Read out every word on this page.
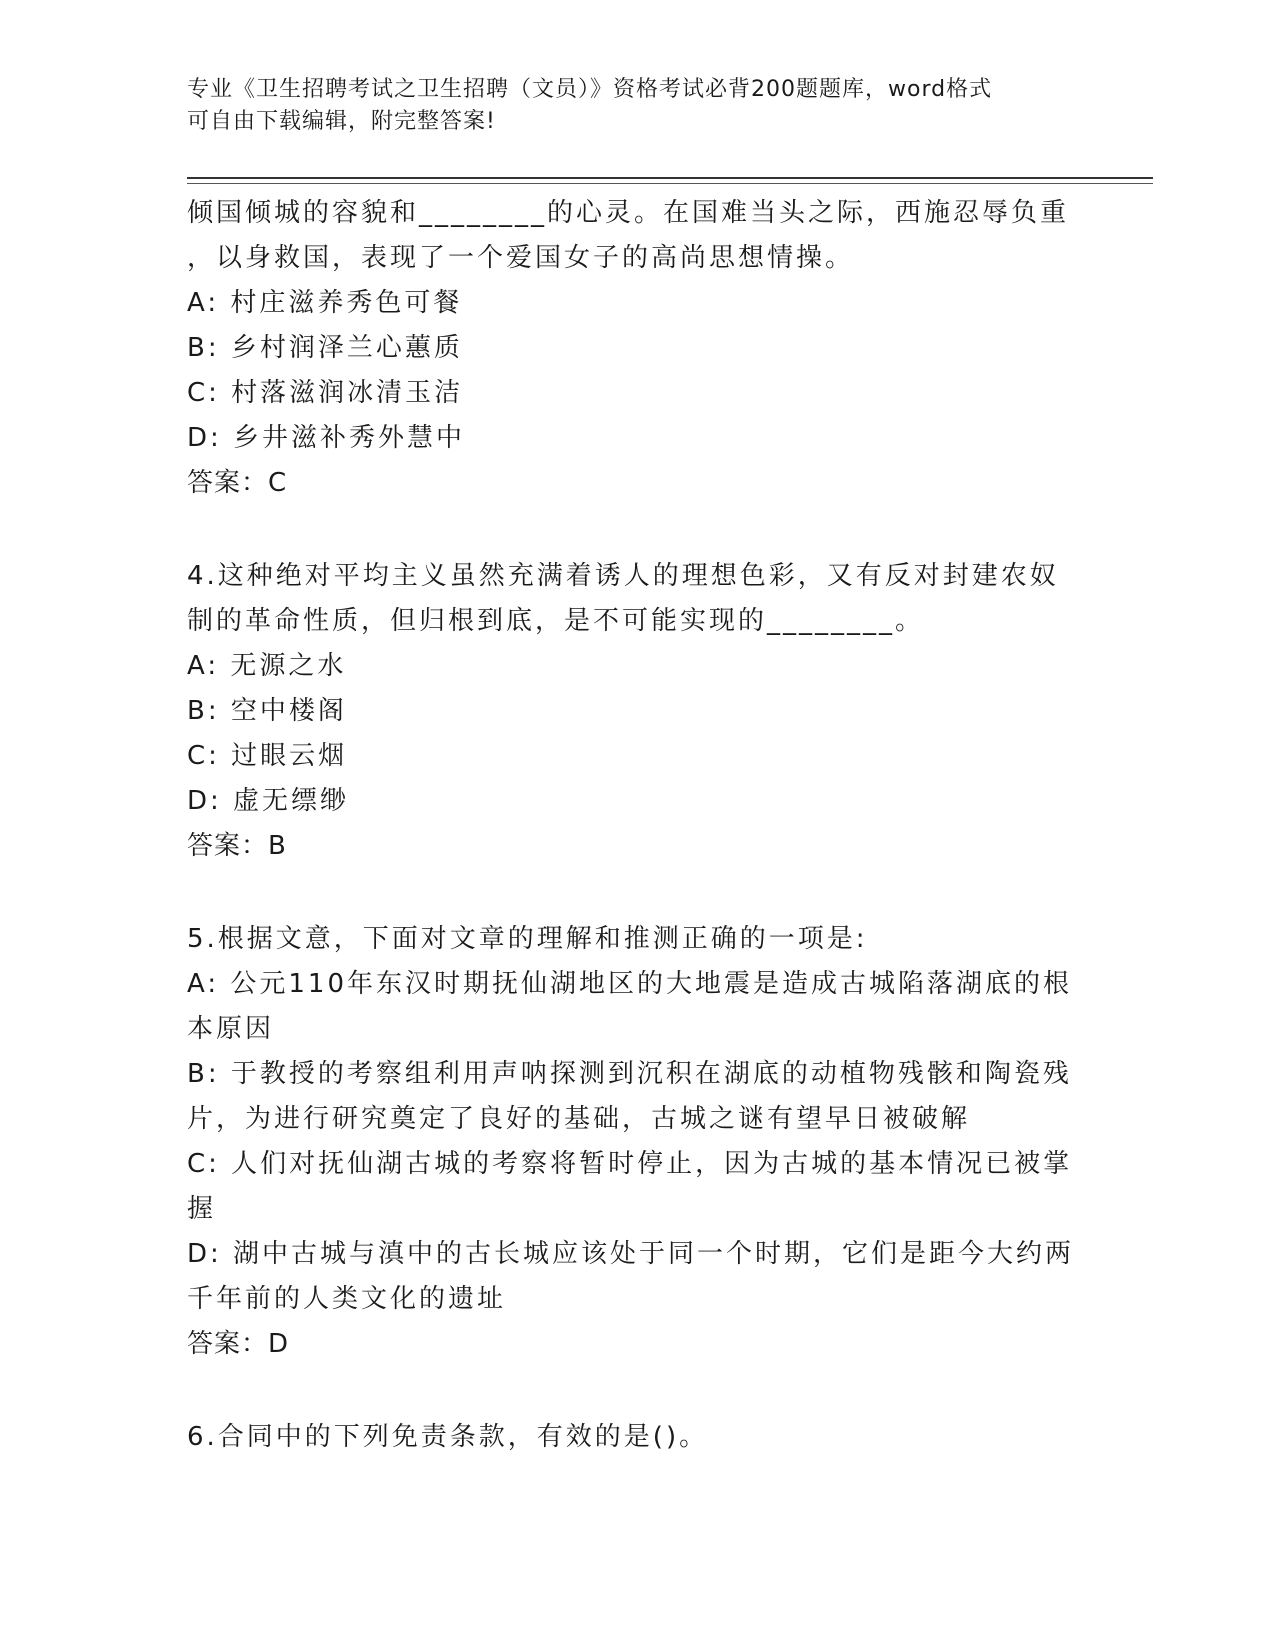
专业《卫生招聘考试之卫生招聘（文员）》资格考试必背200题题库，word格式
可自由下载编辑，附完整答案!
倾国倾城的容貌和________的心灵。在国难当头之际，西施忍辱负重
，以身救国，表现了一个爱国女子的高尚思想情操。
A: 村庄滋养秀色可餐
B: 乡村润泽兰心蕙质
C: 村落滋润冰清玉洁
D: 乡井滋补秀外慧中
答案：C
4.这种绝对平均主义虽然充满着诱人的理想色彩，又有反对封建农奴
制的革命性质，但归根到底，是不可能实现的________。
A: 无源之水
B: 空中楼阁
C: 过眼云烟
D: 虚无缥缈
答案：B
5.根据文意，下面对文章的理解和推测正确的一项是:
A: 公元110年东汉时期抚仙湖地区的大地震是造成古城陷落湖底的根
本原因
B: 于教授的考察组利用声呐探测到沉积在湖底的动植物残骸和陶瓷残
片，为进行研究奠定了良好的基础，古城之谜有望早日被破解
C: 人们对抚仙湖古城的考察将暂时停止，因为古城的基本情况已被掌
握
D: 湖中古城与滇中的古长城应该处于同一个时期，它们是距今大约两
千年前的人类文化的遗址
答案：D
6.合同中的下列免责条款，有效的是()。
